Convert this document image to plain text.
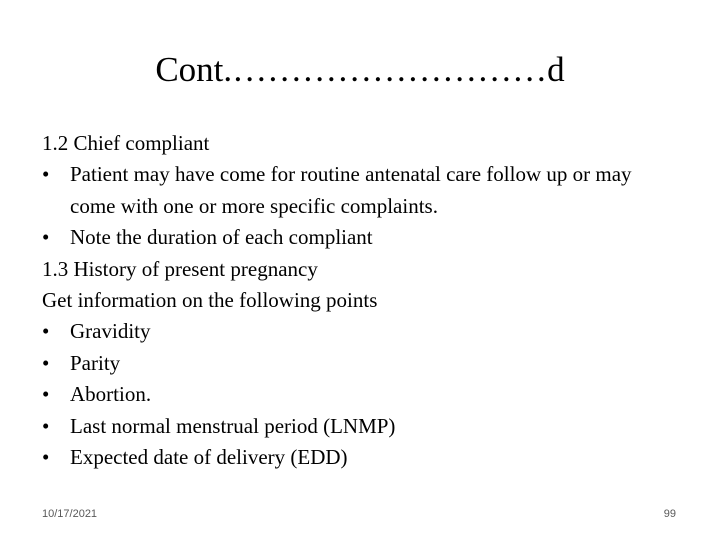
Cont.………………………d
1.2 Chief compliant
• Patient may have come for routine antenatal care follow up or may come with one or more specific complaints.
• Note the duration of each compliant
1.3 History of present pregnancy
Get information on the following points
• Gravidity
• Parity
• Abortion.
• Last normal menstrual period (LNMP)
• Expected date of delivery (EDD)
10/17/2021	99
